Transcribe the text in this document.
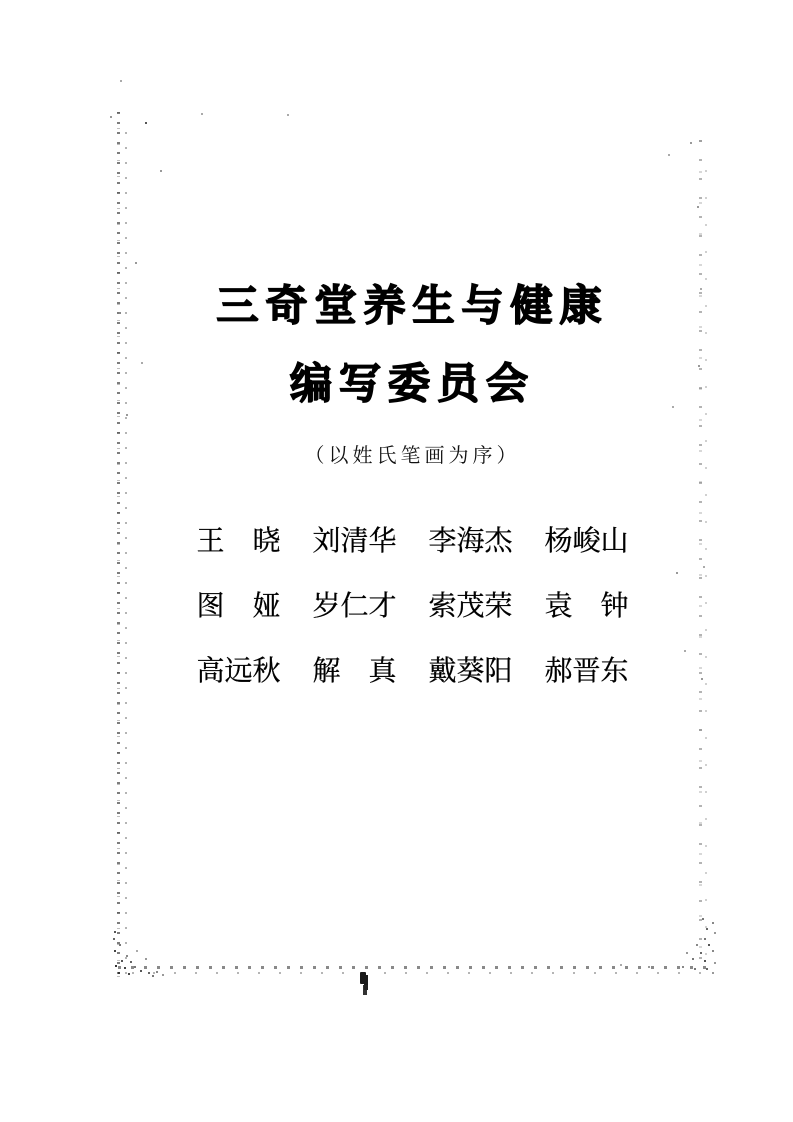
三奇堂养生与健康
编写委员会
（以姓氏笔画为序）
王　晓 刘清华 李海杰 杨峻山
图　娅 岁仁才 索茂荣 袁　钟
高远秋 解　真 戴葵阳 郝晋东
